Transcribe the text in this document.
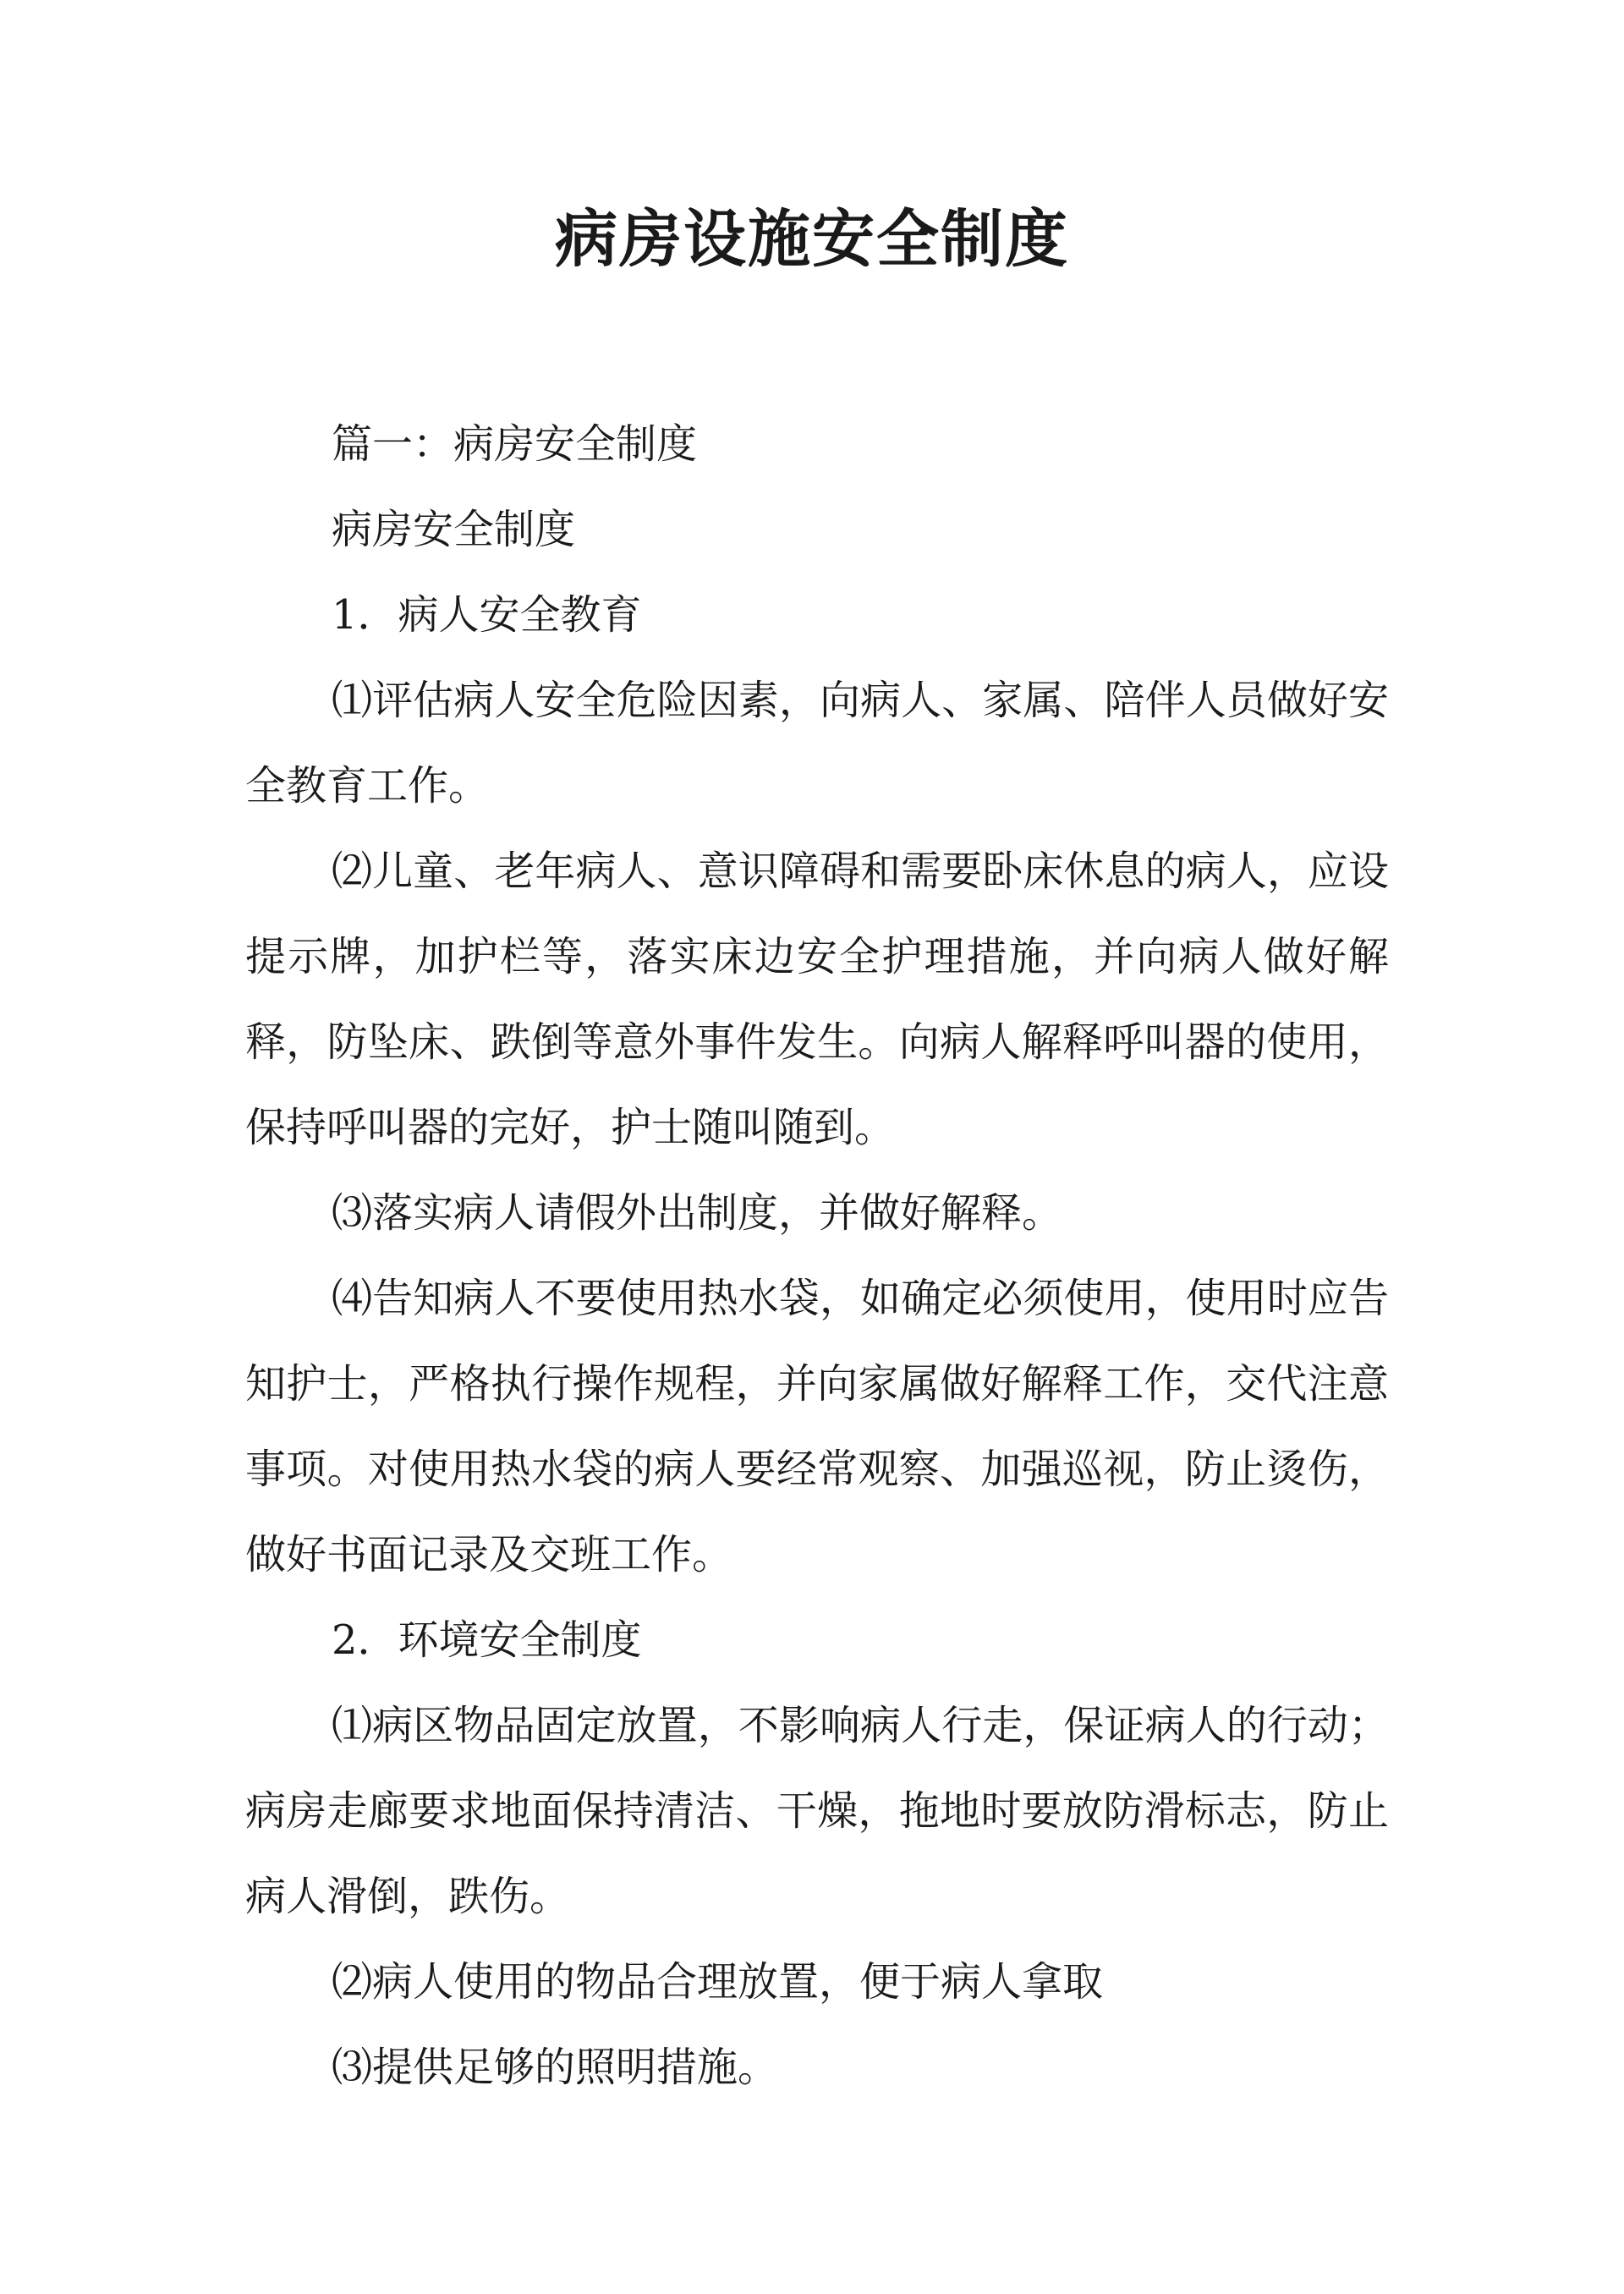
病房设施安全制度

篇一：病房安全制度

病房安全制度

1．病人安全教育

⑴评估病人安全危险因素，向病人、家属、陪伴人员做好安全教育工作。

⑵儿童、老年病人、意识障碍和需要卧床休息的病人，应设提示牌，加护栏等，落实床边安全护理措施，并向病人做好解释，防坠床、跌倒等意外事件发生。向病人解释呼叫器的使用，保持呼叫器的完好，护士随叫随到。

⑶落实病人请假外出制度，并做好解释。

⑷告知病人不要使用热水袋，如确定必须使用，使用时应告知护士，严格执行操作规程，并向家属做好解释工作，交代注意事项。对使用热水袋的病人要经常观察、加强巡视，防止烫伤，做好书面记录及交班工作。

2．环境安全制度

⑴病区物品固定放置，不影响病人行走，保证病人的行动；病房走廊要求地面保持清洁、干燥，拖地时要放防滑标志，防止病人滑倒，跌伤。

⑵病人使用的物品合理放置，便于病人拿取

⑶提供足够的照明措施。
